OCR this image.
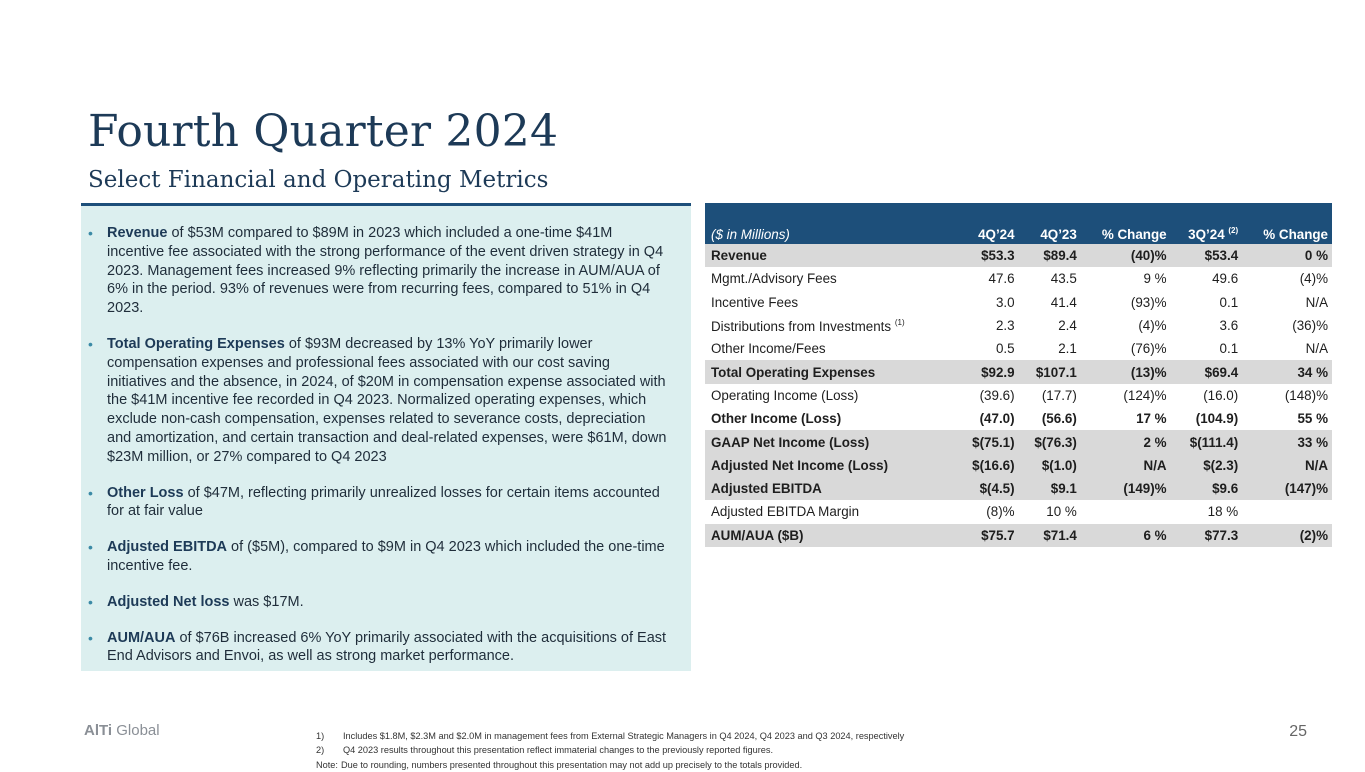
Fourth Quarter 2024
Select Financial and Operating Metrics
• Revenue of $53M compared to $89M in 2023 which included a one-time $41M incentive fee associated with the strong performance of the event driven strategy in Q4 2023. Management fees increased 9% reflecting primarily the increase in AUM/AUA of 6% in the period. 93% of revenues were from recurring fees, compared to 51% in Q4 2023.
• Total Operating Expenses of $93M decreased by 13% YoY primarily lower compensation expenses and professional fees associated with our cost saving initiatives and the absence, in 2024, of $20M in compensation expense associated with the $41M incentive fee recorded in Q4 2023. Normalized operating expenses, which exclude non-cash compensation, expenses related to severance costs, depreciation and amortization, and certain transaction and deal-related expenses, were $61M, down $23M million, or 27% compared to Q4 2023
• Other Loss of $47M, reflecting primarily unrealized losses for certain items accounted for at fair value
• Adjusted EBITDA of ($5M), compared to $9M in Q4 2023 which included the one-time incentive fee.
• Adjusted Net loss was $17M.
• AUM/AUA of $76B increased 6% YoY primarily associated with the acquisitions of East End Advisors and Envoi, as well as strong market performance.
($ in Millions)	4Q’24	4Q’23	% Change	3Q’24 $^{(2)}$	% Change
Revenue	$53.3	$89.4	(40)%	$53.4	0 %
Mgmt./Advisory Fees	47.6	43.5	9 %	49.6	(4)%
Incentive Fees	3.0	41.4	(93)%	0.1	N/A
Distributions from Investments $^{(1)}$	2.3	2.4	(4)%	3.6	(36)%
Other Income/Fees	0.5	2.1	(76)%	0.1	N/A
Total Operating Expenses	$92.9	$107.1	(13)%	$69.4	34 %
Operating Income (Loss)	(39.6)	(17.7)	(124)%	(16.0)	(148)%
Other Income (Loss)	(47.0)	(56.6)	17 %	(104.9)	55 %
GAAP Net Income (Loss)	$(75.1)	$(76.3)	2 %	$(111.4)	33 %
Adjusted Net Income (Loss)	$(16.6)	$(1.0)	N/A	$(2.3)	N/A
Adjusted EBITDA	$(4.5)	$9.1	(149)%	$9.6	(147)%
Adjusted EBITDA Margin	(8)%	10 %		18 %	
AUM/AUA ($B)	$75.7	$71.4	6 %	$77.3	(2)%
AlTi Global	1) Includes $1.8M, $2.3M and $2.0M in management fees from External Strategic Managers in Q4 2024, Q4 2023 and Q3 2024, respectively
2) Q4 2023 results throughout this presentation reflect immaterial changes to the previously reported figures.
Note: Due to rounding, numbers presented throughout this presentation may not add up precisely to the totals provided.
25
